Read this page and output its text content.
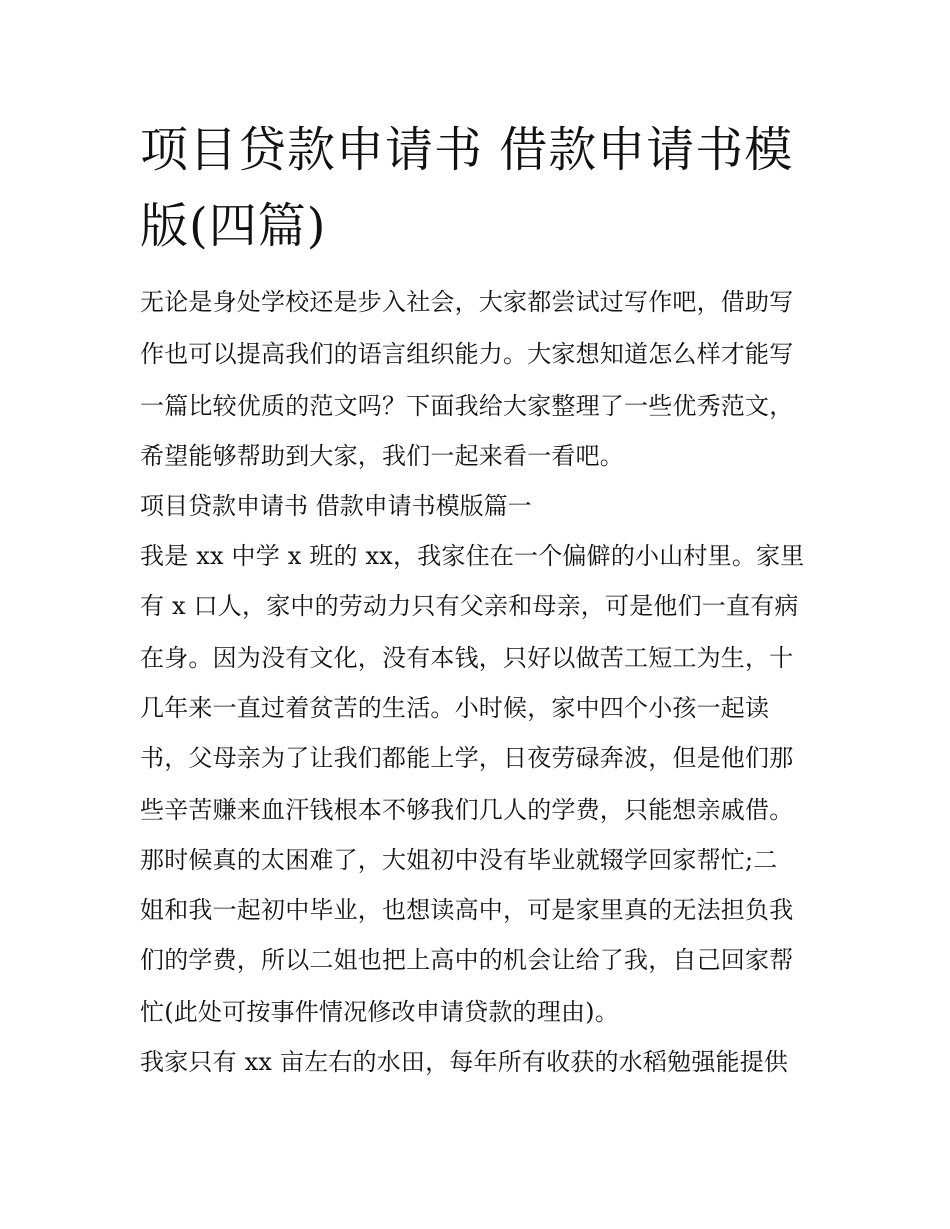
项目贷款申请书 借款申请书模版(四篇)

无论是身处学校还是步入社会，大家都尝试过写作吧，借助写

作也可以提高我们的语言组织能力。大家想知道怎么样才能写

一篇比较优质的范文吗？下面我给大家整理了一些优秀范文，

希望能够帮助到大家，我们一起来看一看吧。

项目贷款申请书 借款申请书模版篇一

我是 xx 中学 x 班的 xx，我家住在一个偏僻的小山村里。家里

有 x 口人，家中的劳动力只有父亲和母亲，可是他们一直有病

在身。因为没有文化，没有本钱，只好以做苦工短工为生，十

几年来一直过着贫苦的生活。小时候，家中四个小孩一起读

书，父母亲为了让我们都能上学，日夜劳碌奔波，但是他们那

些辛苦赚来血汗钱根本不够我们几人的学费，只能想亲戚借。

那时候真的太困难了，大姐初中没有毕业就辍学回家帮忙;二

姐和我一起初中毕业，也想读高中，可是家里真的无法担负我

们的学费，所以二姐也把上高中的机会让给了我，自己回家帮

忙(此处可按事件情况修改申请贷款的理由)。

我家只有 xx 亩左右的水田，每年所有收获的水稻勉强能提供
